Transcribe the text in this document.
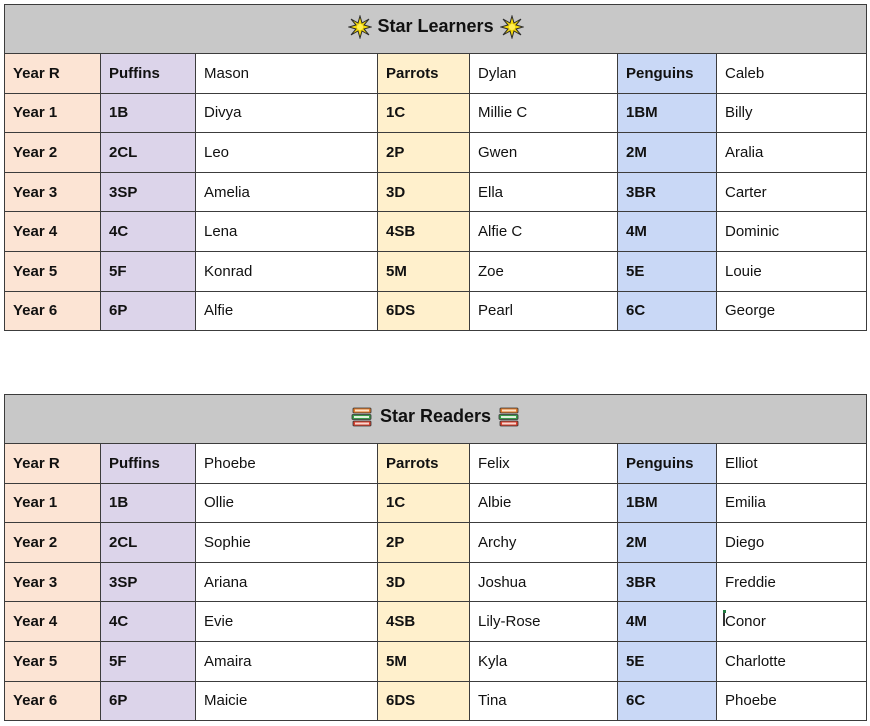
Star Learners						

Year R	Puffins	Mason	Parrots	Dylan	Penguins	Caleb
Year 1	1B	Divya	1C	Millie C	1BM	Billy
Year 2	2CL	Leo	2P	Gwen	2M	Aralia
Year 3	3SP	Amelia	3D	Ella	3BR	Carter
Year 4	4C	Lena	4SB	Alfie C	4M	Dominic
Year 5	5F	Konrad	5M	Zoe	5E	Louie
Year 6	6P	Alfie	6DS	Pearl	6C	George
Star Readers						

Year R	Puffins	Phoebe	Parrots	Felix	Penguins	Elliot
Year 1	1B	Ollie	1C	Albie	1BM	Emilia
Year 2	2CL	Sophie	2P	Archy	2M	Diego
Year 3	3SP	Ariana	3D	Joshua	3BR	Freddie
Year 4	4C	Evie	4SB	Lily-Rose	4M	Conor
Year 5	5F	Amaira	5M	Kyla	5E	Charlotte
Year 6	6P	Maicie	6DS	Tina	6C	Phoebe
